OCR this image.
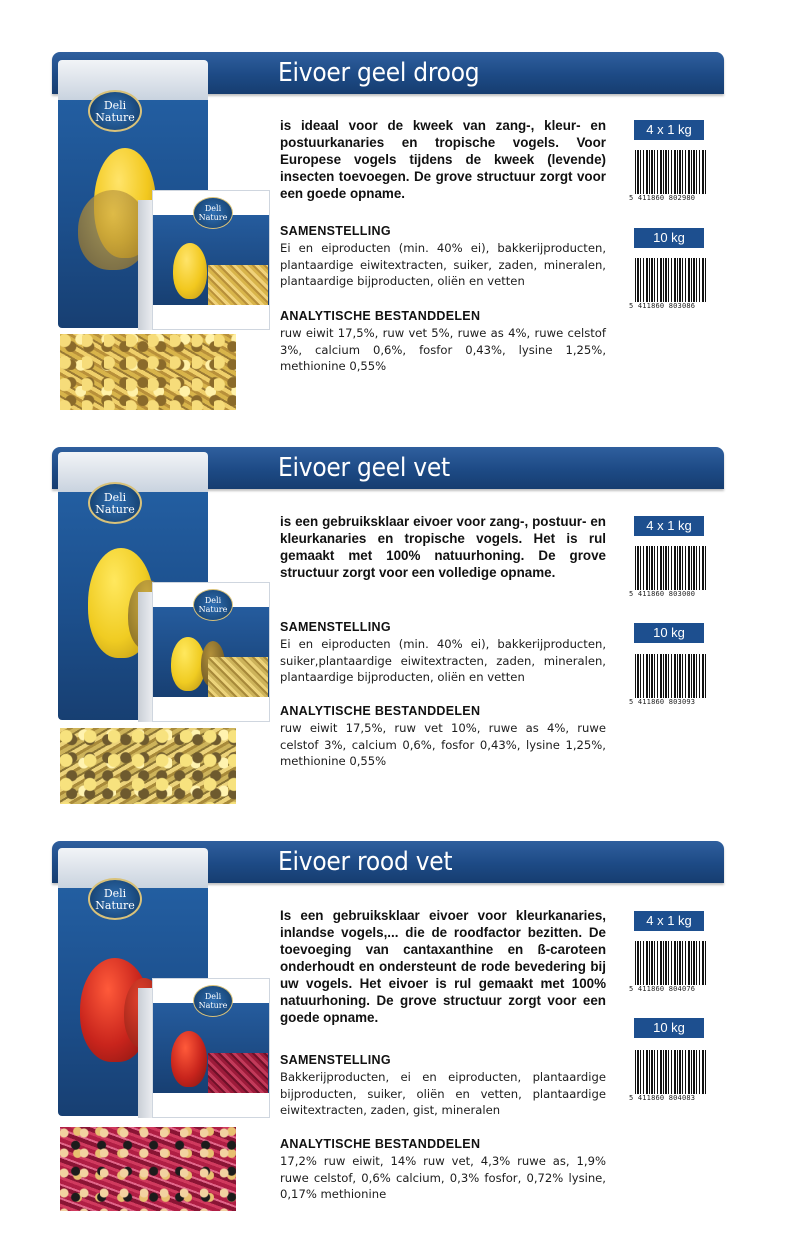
Eivoer geel droog
Deli Nature
Deli Nature
is ideaal voor de kweek van zang-, kleur- en postuurkanaries en tropische vogels. Voor Europese vogels tijdens de kweek (levende) insecten toevoegen. De grove structuur zorgt voor een goede opname.
SAMENSTELLING
Ei en eiproducten (min. 40% ei), bakkerijproducten, plantaardige eiwitextracten, suiker, zaden, mineralen, plantaardige bijproducten, oliën en vetten
ANALYTISCHE BESTANDDELEN
ruw eiwit 17,5%, ruw vet 5%, ruwe as 4%, ruwe celstof 3%, calcium 0,6%, fosfor 0,43%, lysine 1,25%, methionine 0,55%
4 x 1 kg
5 411860 802980
10 kg
5 411860 803086
Eivoer geel vet
Deli Nature
Deli Nature
is een gebruiksklaar eivoer voor zang-, postuur- en kleurkanaries en tropische vogels. Het is rul gemaakt met 100% natuurhoning. De grove structuur zorgt voor een volledige opname.
SAMENSTELLING
Ei en eiproducten (min. 40% ei), bakkerijproducten, suiker,plantaardige eiwitextracten, zaden, mineralen, plantaardige bijproducten, oliën en vetten
ANALYTISCHE BESTANDDELEN
ruw eiwit 17,5%, ruw vet 10%, ruwe as 4%, ruwe celstof 3%, calcium 0,6%, fosfor 0,43%, lysine 1,25%, methionine 0,55%
4 x 1 kg
5 411860 803000
10 kg
5 411860 803093
Eivoer rood vet
Deli Nature
Deli Nature
Is een gebruiksklaar eivoer voor kleurkanaries, inlandse vogels,... die de roodfactor bezitten. De toevoeging van cantaxanthine en ß-caroteen onderhoudt en ondersteunt de rode bevedering bij uw vogels. Het eivoer is rul gemaakt met 100% natuurhoning. De grove structuur zorgt voor een goede opname.
SAMENSTELLING
Bakkerijproducten, ei en eiproducten, plantaardige bijproducten, suiker, oliën en vetten, plantaardige eiwitextracten, zaden, gist, mineralen
ANALYTISCHE BESTANDDELEN
17,2% ruw eiwit, 14% ruw vet, 4,3% ruwe as, 1,9% ruwe celstof, 0,6% calcium, 0,3% fosfor, 0,72% lysine, 0,17% methionine
4 x 1 kg
5 411860 804076
10 kg
5 411860 804083
